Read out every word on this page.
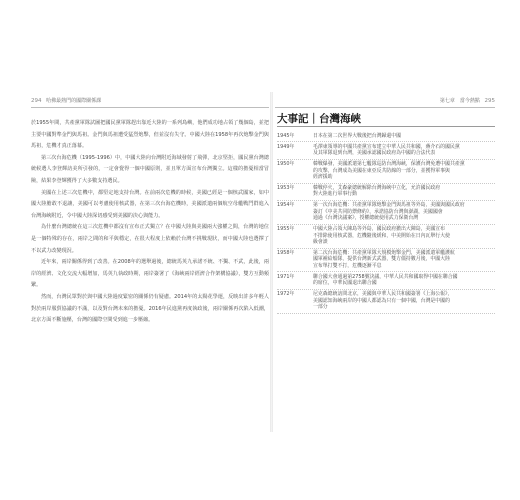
294 哈佛最熱門的國際關係課

於1955年間，共產黨軍隊試圖把國民黨軍隊趕出靠近大陸的一系列島嶼，他們成功地占領了幾個島，並把主要中國對準金門與馬祖。金門與馬祖遭受猛烈炮擊，但並沒有失守。中國大陸在1958年再次炮擊金門與馬祖，危機才真正落幕。

第三次台海危機（1995-1996）中，中國大陸向台灣附近海域發射了飛彈，北京堅拒，國民黨台灣總統候選人李登輝訪美所引發的，一定會覺得一個中國原則，並且單方面宣布台灣獨立。這樣的擔憂相當冒險，結果李登輝獲得了大多數支持選民。

美國在上述三次危機中，都堅定地支持台灣。在前兩次危機的時候，美國已經是一個核武國家，如中國大陸膽敢不退讓，美國可以考慮使用核武器，在第三次台海危機時，美國派遣兩個航空母艦戰鬥群進入台灣海峽附近，令中國大陸深切感受到美國的決心與能力。

為什麼台灣總統在這三次危機中都沒有宣布正式獨立？在中國大陸與美國兩大強權之間，台灣的地位是一個特殊的存在，兩岸之間的和平與穩定，在很大程度上依賴於台灣不挑戰現狀，而中國大陸也選擇了不以武力改變現況。

近年來，兩岸關係得到了改善。在2008年的選舉過後，總統馬英九承諾不統、不獨、不武，此後，兩岸的經濟、文化交流大幅增加，馬英九執政時期，兩岸簽署了《海峽兩岸經濟合作架構協議》，雙方互動頻繁。

然而，台灣民眾對於與中國大陸過度緊密的關係仍有疑慮。2014年的太陽花學運，反映出許多年輕人對於兩岸服貿協議的不滿，以及對台灣未來的擔憂。2016年民進黨再度執政後，兩岸關係再次陷入低潮，北京方面不斷施壓，台灣的國際空間受到進一步壓縮。

第七章　當今熱點 295
大事記｜台灣海峽
1945年	日本在第二次世界大戰後把台灣歸還中國
1949年	毛澤東領導的中國共產黨宣布建立中華人民共和國，蔣介石的國民黨
及其軍隊退到台灣，美國承認國民政府為中國的合法代表
1950年	韓戰爆發，美國派遣第七艦隊巡防台灣海峽，保護台灣免遭中國共產黨
的攻擊，台灣成為美國在東亞反共防線的一部分，並獲得軍事與
經濟援助
1953年	韓戰停火，艾森豪總統解除台灣海峽中立化，允許國民政府
對大陸進行軍事行動
1954年	第一次台海危機：共產黨軍隊炮擊金門與馬祖等外島，美國與國民政府
簽訂《中美共同防禦條約》，承諾協防台灣與澎湖，美國國會
通過《台灣決議案》，授權總統使用武力保衛台灣
1955年	中國大陸占領大陳島等外島，國民政府撤出大陳島，美國宣布
不排除使用核武器，危機隨後緩和，中美開始在日內瓦舉行大使
級會談
1958年	第二次台海危機：共產黨軍隊大規模炮擊金門，美國派遣軍艦護航
國軍補給船隊，提供台灣新式武器，雙方僵持數月後，中國大陸
宣布單打雙不打，危機逐漸平息
1971年	聯合國大會通過第2758號決議，中華人民共和國取得中國在聯合國
的席位，中華民國退出聯合國
1972年	尼克森總統訪問北京，美國與中華人民共和國簽署《上海公報》，
美國認知海峽兩岸的中國人都認為只有一個中國，台灣是中國的
一部分
